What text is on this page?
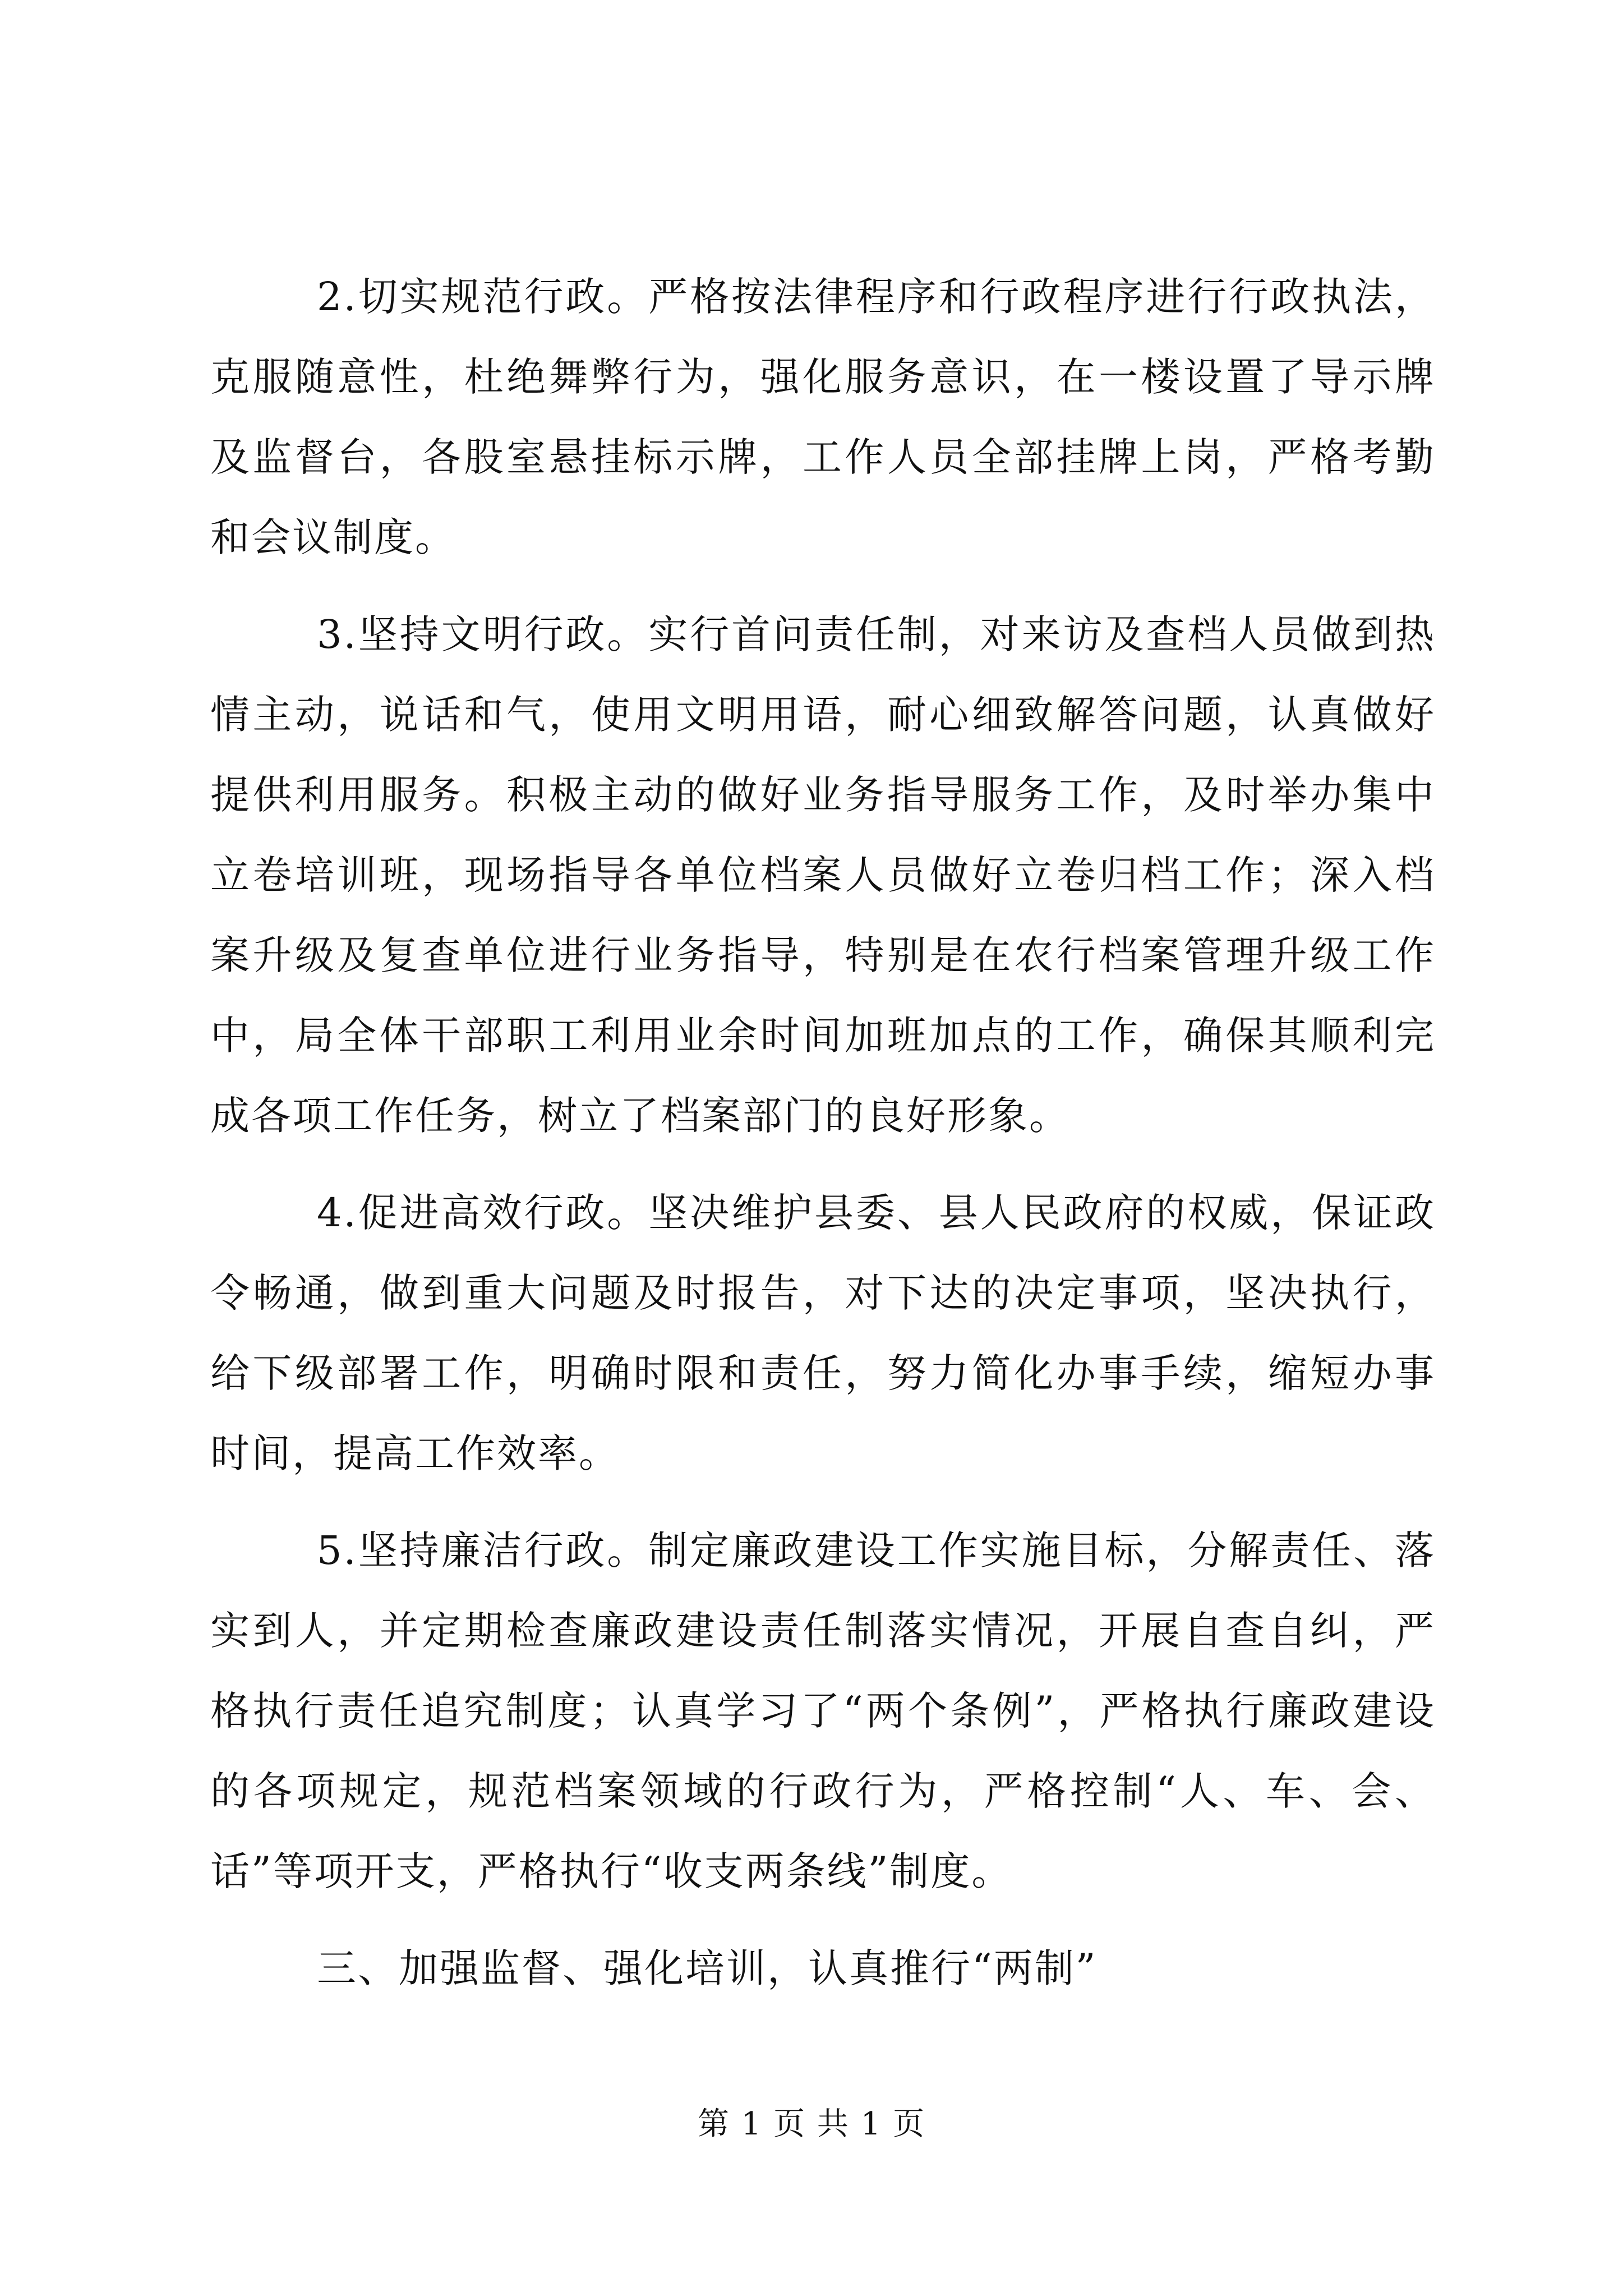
2.切实规范行政。严格按法律程序和行政程序进行行政执法，克服随意性，杜绝舞弊行为，强化服务意识，在一楼设置了导示牌及监督台，各股室悬挂标示牌，工作人员全部挂牌上岗，严格考勤和会议制度。

3.坚持文明行政。实行首问责任制，对来访及查档人员做到热情主动，说话和气，使用文明用语，耐心细致解答问题，认真做好提供利用服务。积极主动的做好业务指导服务工作，及时举办集中立卷培训班，现场指导各单位档案人员做好立卷归档工作；深入档案升级及复查单位进行业务指导，特别是在农行档案管理升级工作中，局全体干部职工利用业余时间加班加点的工作，确保其顺利完成各项工作任务，树立了档案部门的良好形象。

4.促进高效行政。坚决维护县委、县人民政府的权威，保证政令畅通，做到重大问题及时报告，对下达的决定事项，坚决执行，给下级部署工作，明确时限和责任，努力简化办事手续，缩短办事时间，提高工作效率。

5.坚持廉洁行政。制定廉政建设工作实施目标，分解责任、落实到人，并定期检查廉政建设责任制落实情况，开展自查自纠，严格执行责任追究制度；认真学习了“两个条例”，严格执行廉政建设的各项规定，规范档案领域的行政行为，严格控制“人、车、会、话”等项开支，严格执行“收支两条线”制度。

三、加强监督、强化培训，认真推行“两制”

第 1 页 共 1 页
